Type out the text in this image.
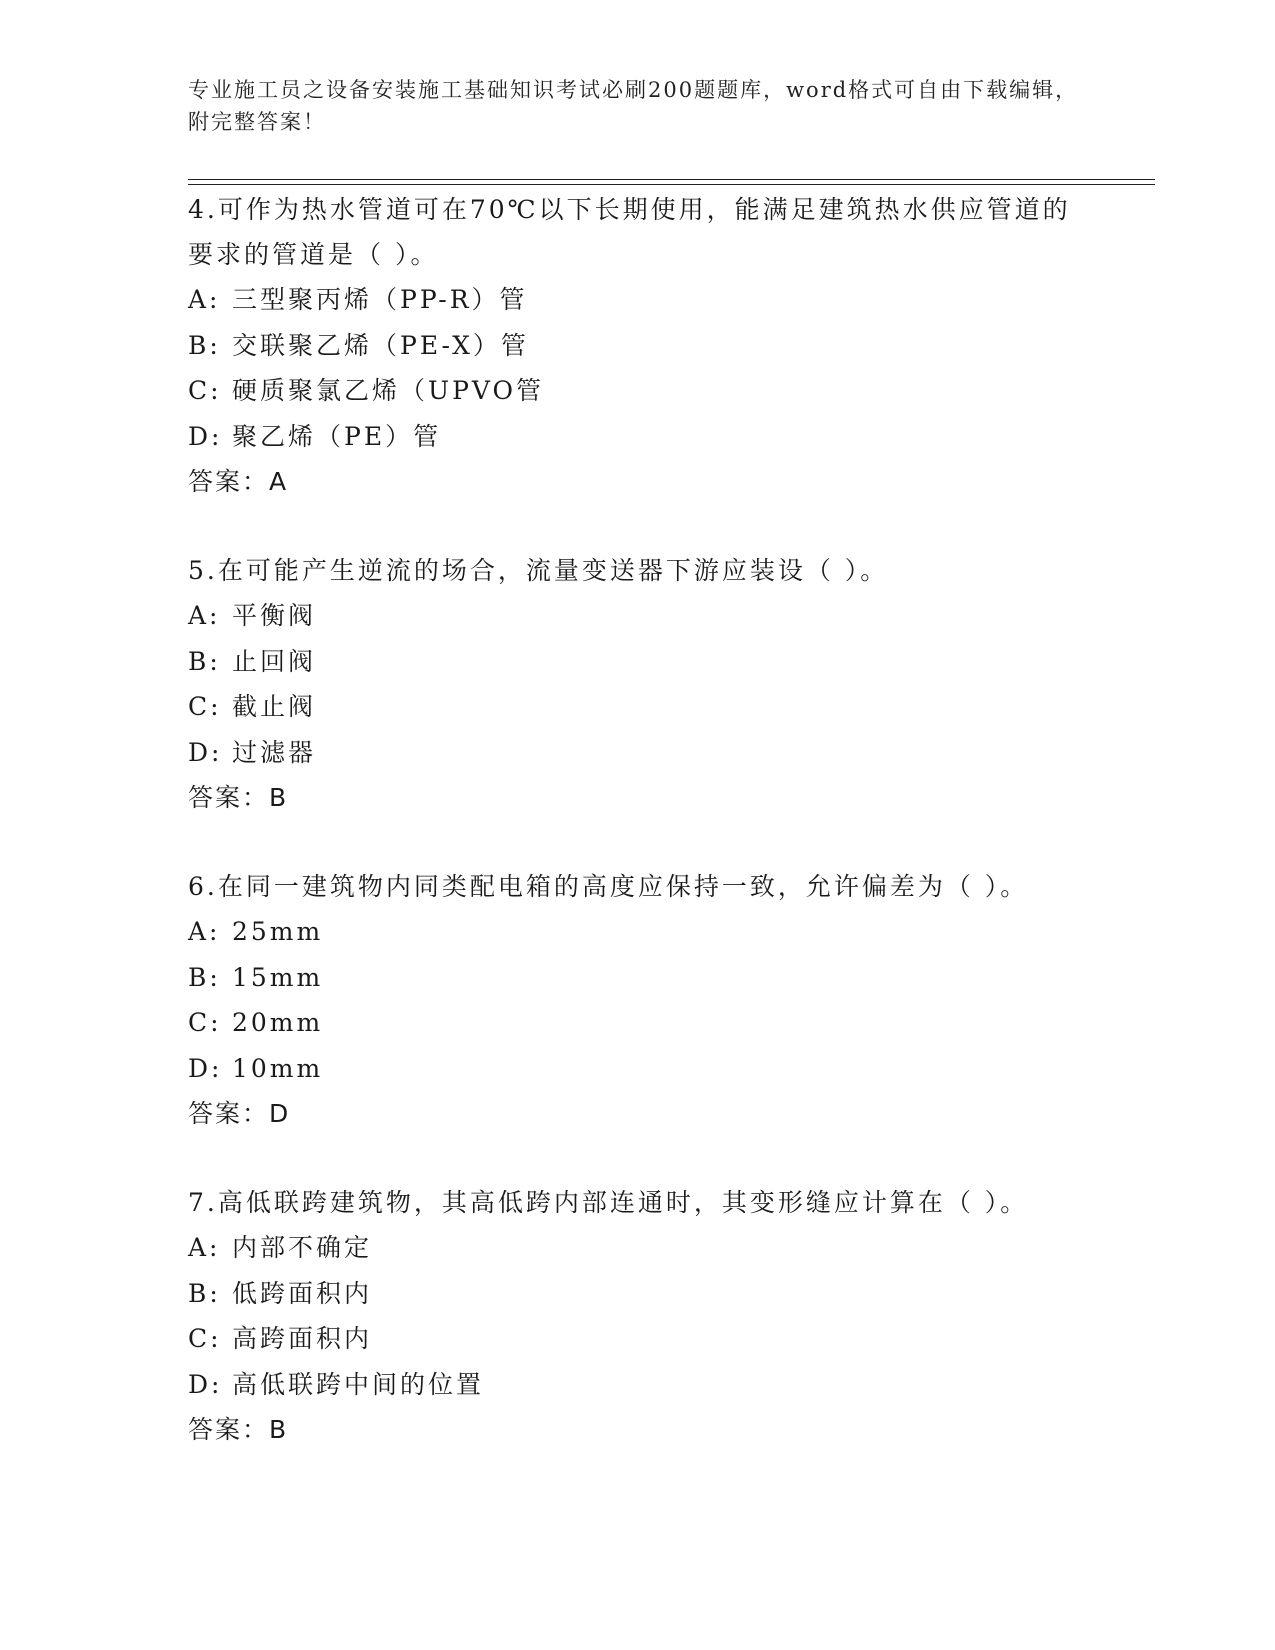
专业施工员之设备安装施工基础知识考试必刷200题题库，word格式可自由下载编辑，附完整答案！

4.可作为热水管道可在70℃以下长期使用，能满足建筑热水供应管道的要求的管道是（ ）。

A: 三型聚丙烯（PP-R）管

B: 交联聚乙烯（PE-X）管

C: 硬质聚氯乙烯（UPVO管

D: 聚乙烯（PE）管

答案：A

5.在可能产生逆流的场合，流量变送器下游应装设（ ）。

A: 平衡阀

B: 止回阀

C: 截止阀

D: 过滤器

答案：B

6.在同一建筑物内同类配电箱的高度应保持一致，允许偏差为（ ）。

A: 25mm

B: 15mm

C: 20mm

D: 10mm

答案：D

7.高低联跨建筑物，其高低跨内部连通时，其变形缝应计算在（ ）。

A: 内部不确定

B: 低跨面积内

C: 高跨面积内

D: 高低联跨中间的位置

答案：B
